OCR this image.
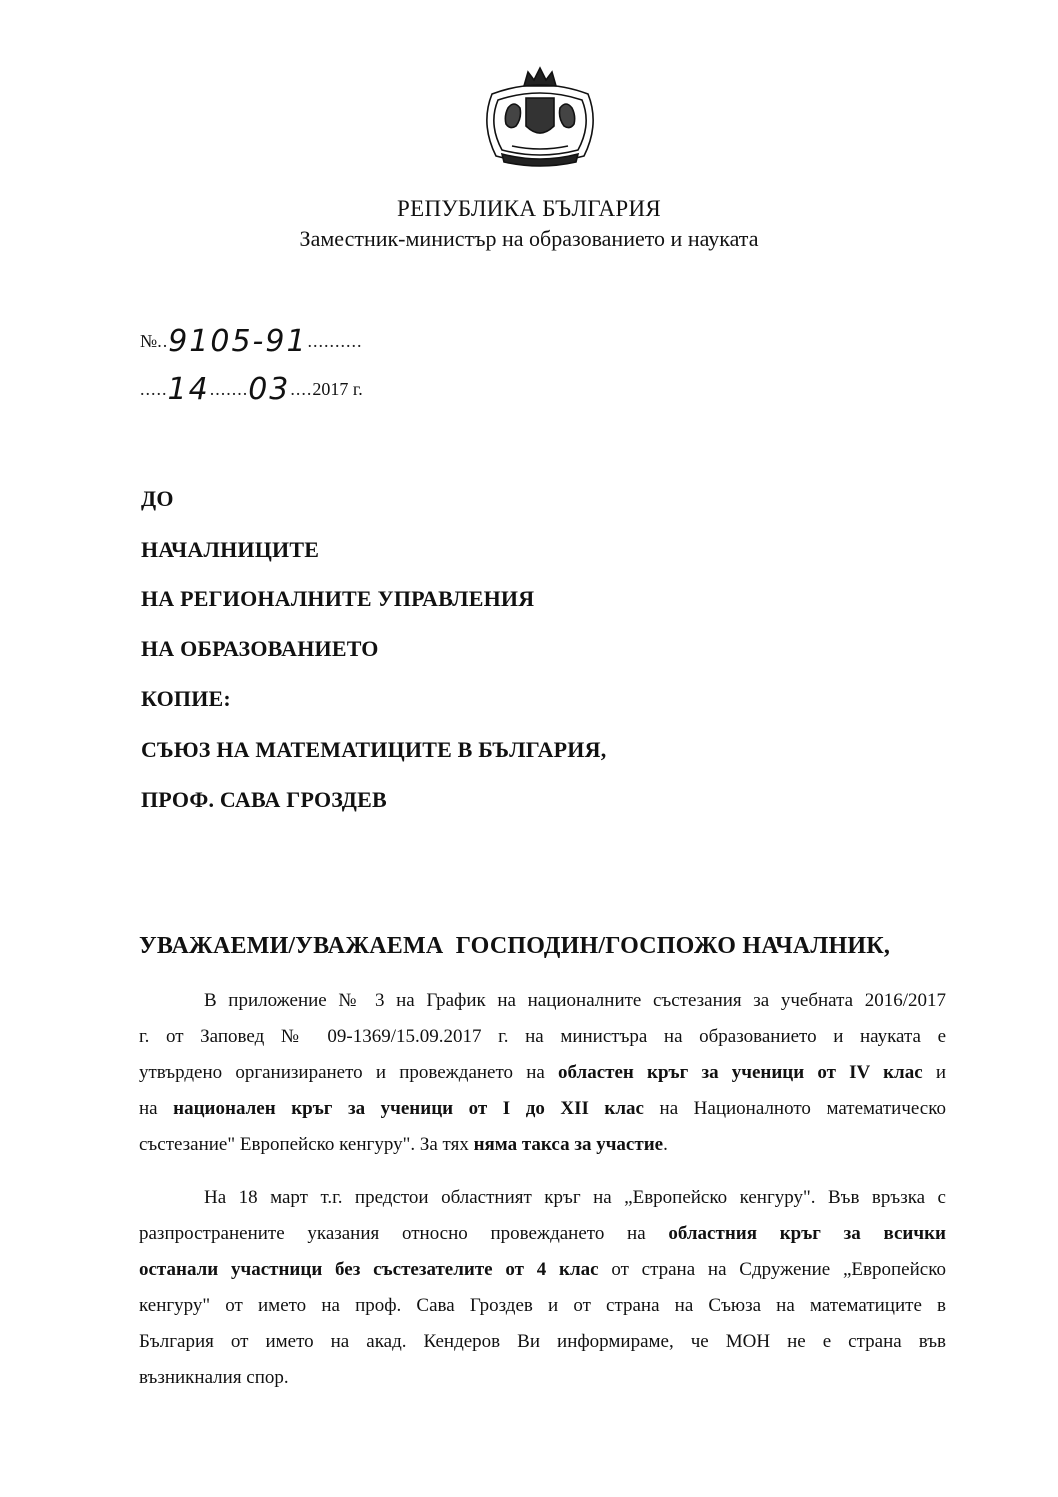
РЕПУБЛИКА БЪЛГАРИЯ
Заместник-министър на образованието и науката
№..9105-91..........
.....14.......03....2017 г.
ДО
НАЧАЛНИЦИТЕ
НА РЕГИОНАЛНИТЕ УПРАВЛЕНИЯ
НА ОБРАЗОВАНИЕТО
КОПИЕ:
СЪЮЗ НА МАТЕМАТИЦИТЕ В БЪЛГАРИЯ,
ПРОФ. САВА ГРОЗДЕВ
УВАЖАЕМИ/УВАЖАЕМА  ГОСПОДИН/ГОСПОЖО НАЧАЛНИК,
В приложение № 3 на График на националните състезания за учебната 2016/2017
г. от Заповед № 09-1369/15.09.2017 г. на министъра на образованието и науката е
утвърдено организирането и провеждането на областен кръг за ученици от IV клас и
на национален кръг за ученици от I до XII клас на Националното математическо
състезание" Европейско кенгуру". За тях няма такса за участие.
На 18 март т.г. предстои областният кръг на „Европейско кенгуру". Във връзка с
разпространените указания относно провеждането на областния кръг за всички
останали участници без състезателите от 4 клас от страна на Сдружение „Европейско
кенгуру" от името на проф. Сава Гроздев и от страна на Съюза на математиците в
България от името на акад. Кендеров Ви информираме, че МОН не е страна във
възникналия спор.
